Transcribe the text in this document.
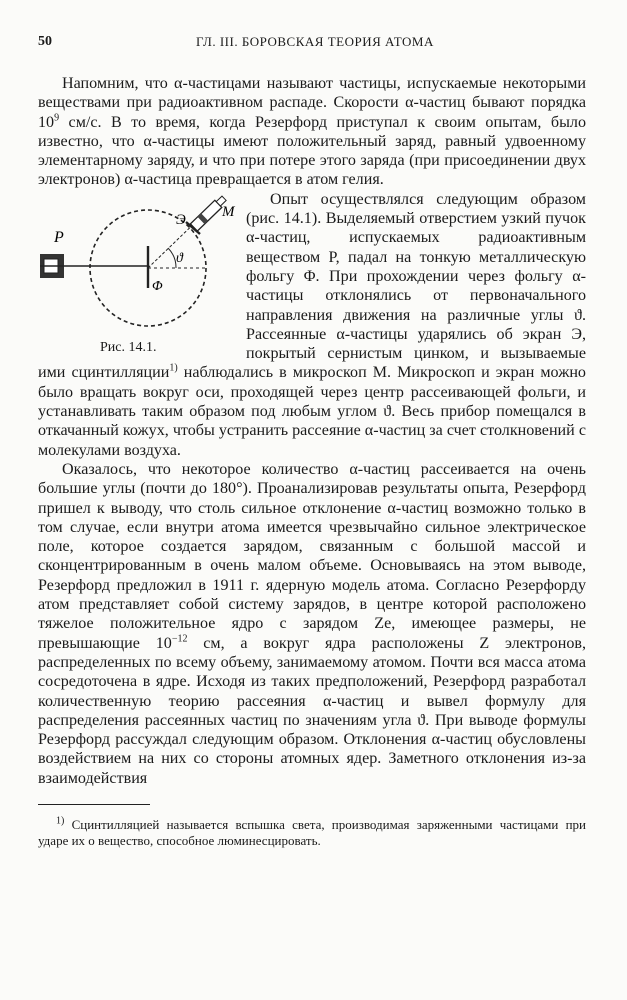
50	ГЛ. III. БОРОВСКАЯ ТЕОРИЯ АТОМА

Напомним, что α-частицами называют частицы, испускаемые некоторыми веществами при радиоактивном распаде. Скорости α-частиц бывают порядка $10^9$ см/с. В то время, когда Резерфорд приступал к своим опытам, было известно, что α-частицы имеют положительный заряд, равный удвоенному элементарному заряду, и что при потере этого заряда (при присоединении двух электронов) α-частица превращается в атом гелия.

P
Э M
ϑ
Φ
Рис. 14.1.

Опыт осуществлялся следующим образом (рис. 14.1). Выделяемый отверстием узкий пучок α-частиц, испускаемых радиоактивным веществом P, падал на тонкую металлическую фольгу Φ. При прохождении через фольгу α-частицы отклонялись от первоначального направления движения на различные углы ϑ. Рассеянные α-частицы ударялись об экран Э, покрытый сернистым цинком, и вызываемые ими сцинтилляции$^{1)}$ наблюдались в микроскоп M. Микроскоп и экран можно было вращать вокруг оси, проходящей через центр рассеивающей фольги, и устанавливать таким образом под любым углом ϑ. Весь прибор помещался в откачанный кожух, чтобы устранить рассеяние α-частиц за счет столкновений с молекулами воздуха.

Оказалось, что некоторое количество α-частиц рассеивается на очень большие углы (почти до 180°). Проанализировав результаты опыта, Резерфорд пришел к выводу, что столь сильное отклонение α-частиц возможно только в том случае, если внутри атома имеется чрезвычайно сильное электрическое поле, которое создается зарядом, связанным с большой массой и сконцентрированным в очень малом объеме. Основываясь на этом выводе, Резерфорд предложил в 1911 г. ядерную модель атома. Согласно Резерфорду атом представляет собой систему зарядов, в центре которой расположено тяжелое положительное ядро с зарядом Ze, имеющее размеры, не превышающие $10^{-12}$ см, а вокруг ядра расположены Z электронов, распределенных по всему объему, занимаемому атомом. Почти вся масса атома сосредоточена в ядре. Исходя из таких предположений, Резерфорд разработал количественную теорию рассеяния α-частиц и вывел формулу для распределения рассеянных частиц по значениям угла ϑ. При выводе формулы Резерфорд рассуждал следующим образом. Отклонения α-частиц обусловлены воздействием на них со стороны атомных ядер. Заметного отклонения из-за взаимодействия

$^{1)}$ Сцинтилляцией называется вспышка света, производимая заряженными частицами при ударе их о вещество, способное люминесцировать.
